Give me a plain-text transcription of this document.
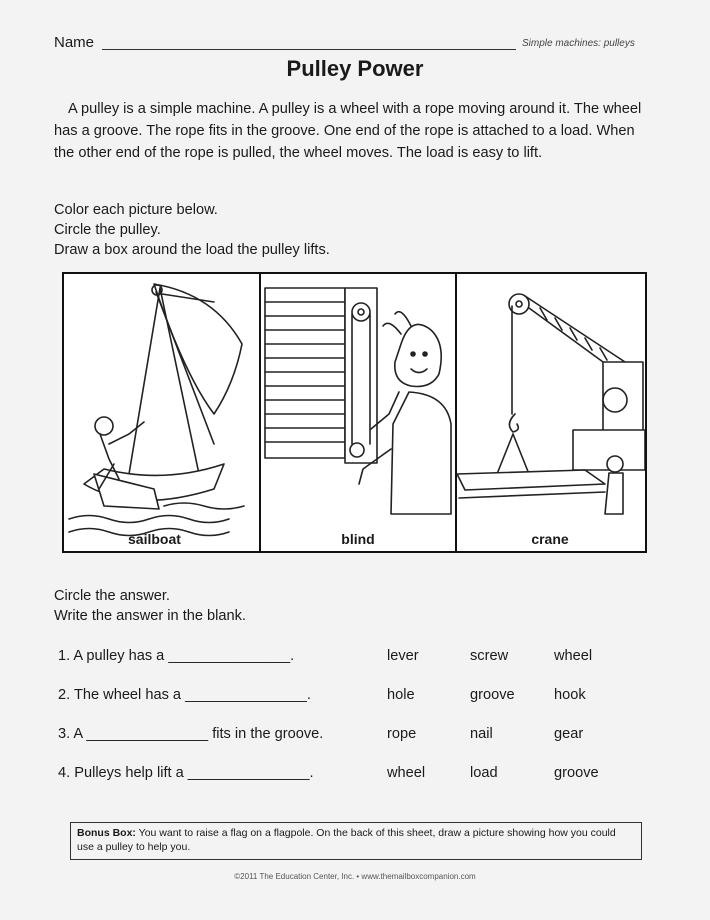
Name	Simple machines: pulleys
Pulley Power

A pulley is a simple machine. A pulley is a wheel with a rope moving around it. The wheel has a groove. The rope fits in the groove. One end of the rope is attached to a load. When the other end of the rope is pulled, the wheel moves. The load is easy to lift.

Color each picture below.
Circle the pulley.
Draw a box around the load the pulley lifts.
sailboat	blind	crane
Circle the answer.
Write the answer in the blank.
1. A pulley has a _______________.	lever	screw	wheel
2. The wheel has a _______________.	hole	groove	hook
3. A _______________ fits in the groove.	rope	nail	gear
4. Pulleys help lift a _______________.	wheel	load	groove
Bonus Box: You want to raise a flag on a flagpole. On the back of this sheet, draw a picture showing how you could use a pulley to help you.
©2011 The Education Center, Inc. • www.themailboxcompanion.com
